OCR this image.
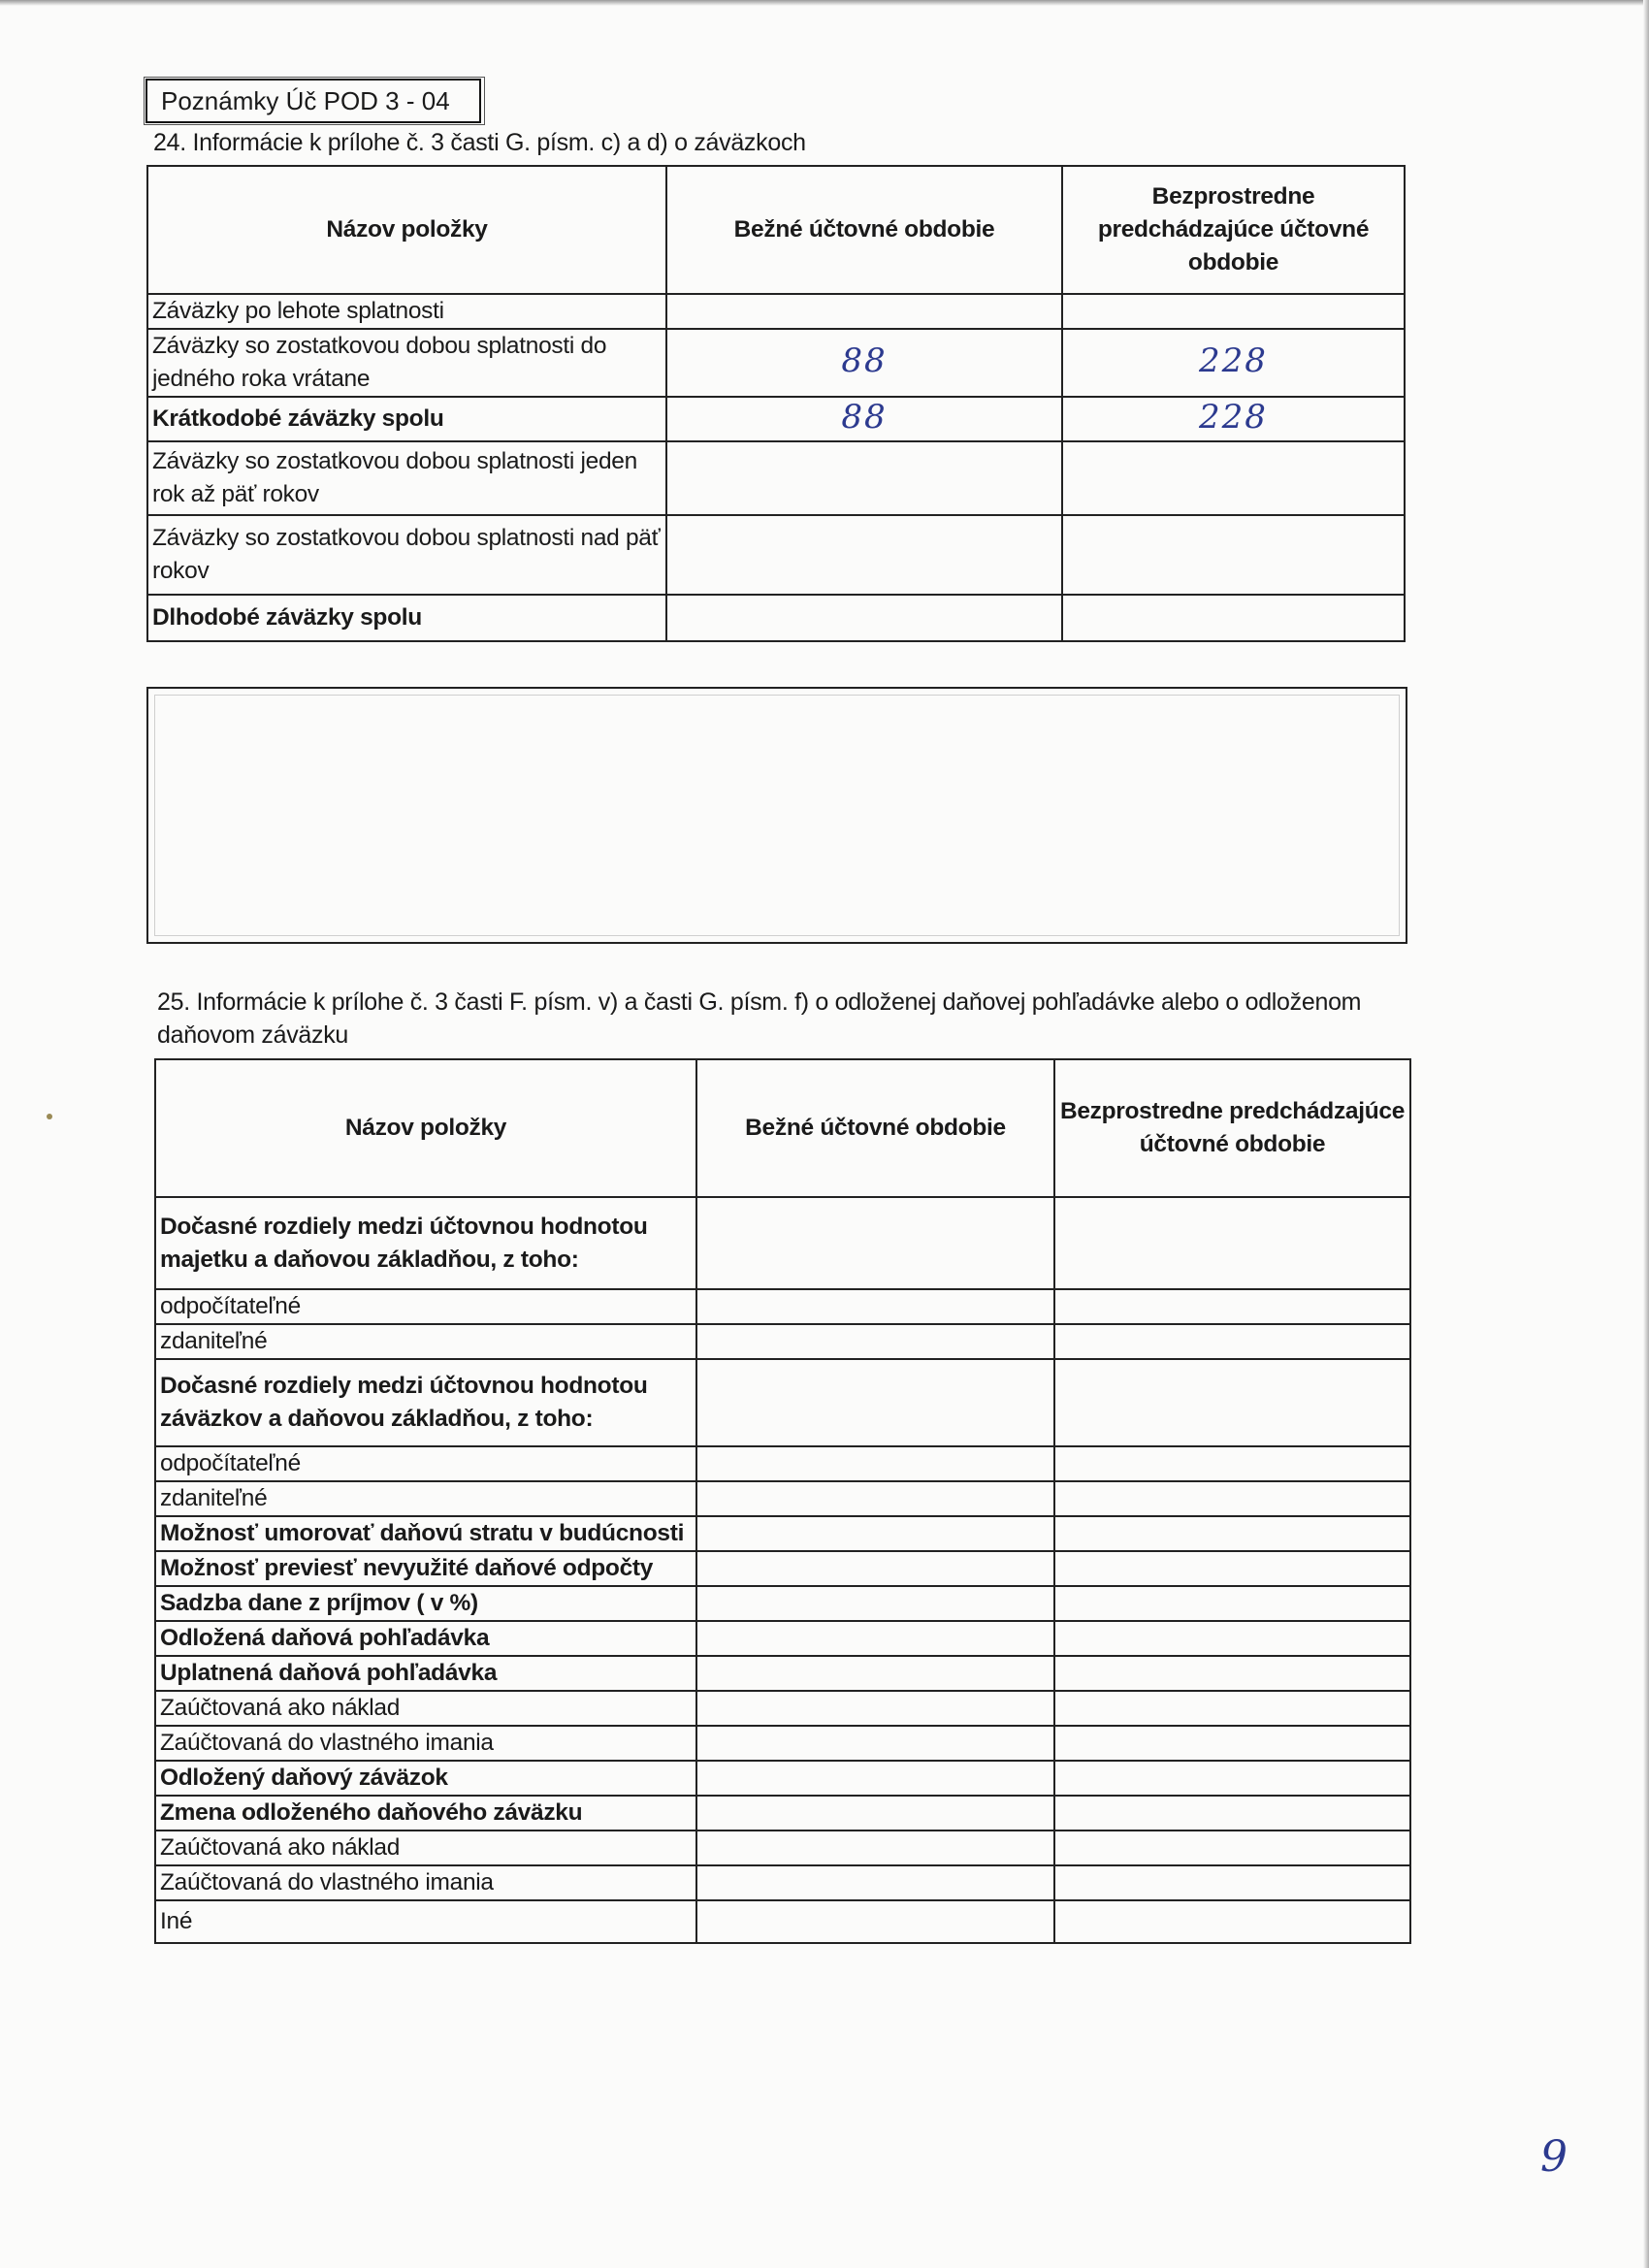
Poznámky Úč POD 3 - 04
24. Informácie k prílohe č. 3 časti G. písm. c) a d) o záväzkoch
Názov položky	Bežné účtovné obdobie	Bezprostredne predchádzajúce účtovné obdobie
Záväzky po lehote splatnosti		
Záväzky so zostatkovou dobou splatnosti do jedného roka vrátane	88	228
Krátkodobé záväzky spolu	88	228
Záväzky so zostatkovou dobou splatnosti jeden rok až päť rokov		
Záväzky so zostatkovou dobou splatnosti nad päť rokov		
Dlhodobé záväzky spolu		
25. Informácie k prílohe č. 3 časti F. písm. v) a časti G. písm. f) o odloženej daňovej pohľadávke alebo o odloženom daňovom záväzku
Názov položky	Bežné účtovné obdobie	Bezprostredne predchádzajúce účtovné obdobie
Dočasné rozdiely medzi účtovnou hodnotou majetku a daňovou základňou, z toho:		
odpočítateľné		
zdaniteľné		
Dočasné rozdiely medzi účtovnou hodnotou záväzkov a daňovou základňou, z toho:		
odpočítateľné		
zdaniteľné		
Možnosť umorovať daňovú stratu v budúcnosti		
Možnosť previesť nevyužité daňové odpočty		
Sadzba dane z príjmov ( v %)		
Odložená daňová pohľadávka		
Uplatnená daňová pohľadávka		
Zaúčtovaná ako náklad		
Zaúčtovaná do vlastného imania		
Odložený daňový záväzok		
Zmena odloženého daňového záväzku		
Zaúčtovaná ako náklad		
Zaúčtovaná do vlastného imania		
Iné		
9
